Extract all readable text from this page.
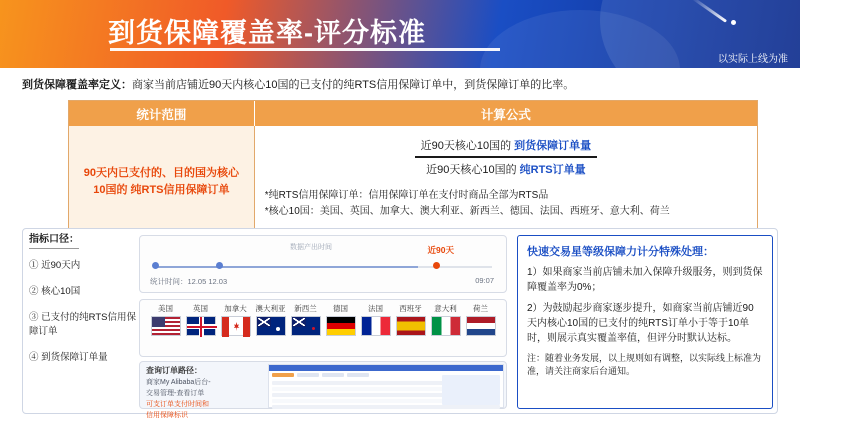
到货保障覆盖率-评分标准
以实际上线为准
到货保障覆盖率定义：商家当前店铺近90天内核心10国的已支付的纯RTS信用保障订单中，到货保障订单的比率。
统计范围	计算公式

90天内已支付的、目的国为核心10国的 纯RTS信用保障订单

$\frac{\text{近90天核心10国的 到货保障订单量}}{\text{近90天核心10国的 纯RTS订单量}}$
*纯RTS信用保障订单：信用保障订单在支付时商品全部为RTS品
*核心10国：美国、英国、加拿大、澳大利亚、新西兰、德国、法国、西班牙、意大利、荷兰
指标口径：
① 近90天内
② 核心10国
③ 已支付的纯RTS信用保障订单
④ 到货保障订单量
数据产出时间	近90天
统计时间：12.05 12.03	09:07
美国	英国	加拿大	澳大利亚	新西兰	德国	法国	西班牙	意大利	荷兰
查询订单路径：
商家My Alibaba后台-
交易管理-查看订单
可支订单支付时间和
信用保障标识
快速交易星等级保障力计分特殊处理：
1）如果商家当前店铺未加入保障升级服务，则到货保障覆盖率为0%；
2）为鼓励起步商家逐步提升，如商家当前店铺近90天内核心10国的已支付的纯RTS订单小于等于10单时，则展示真实覆盖率值，但评分时默认达标。
注：随着业务发展，以上规则如有调整，以实际线上标准为准，请关注商家后台通知。
